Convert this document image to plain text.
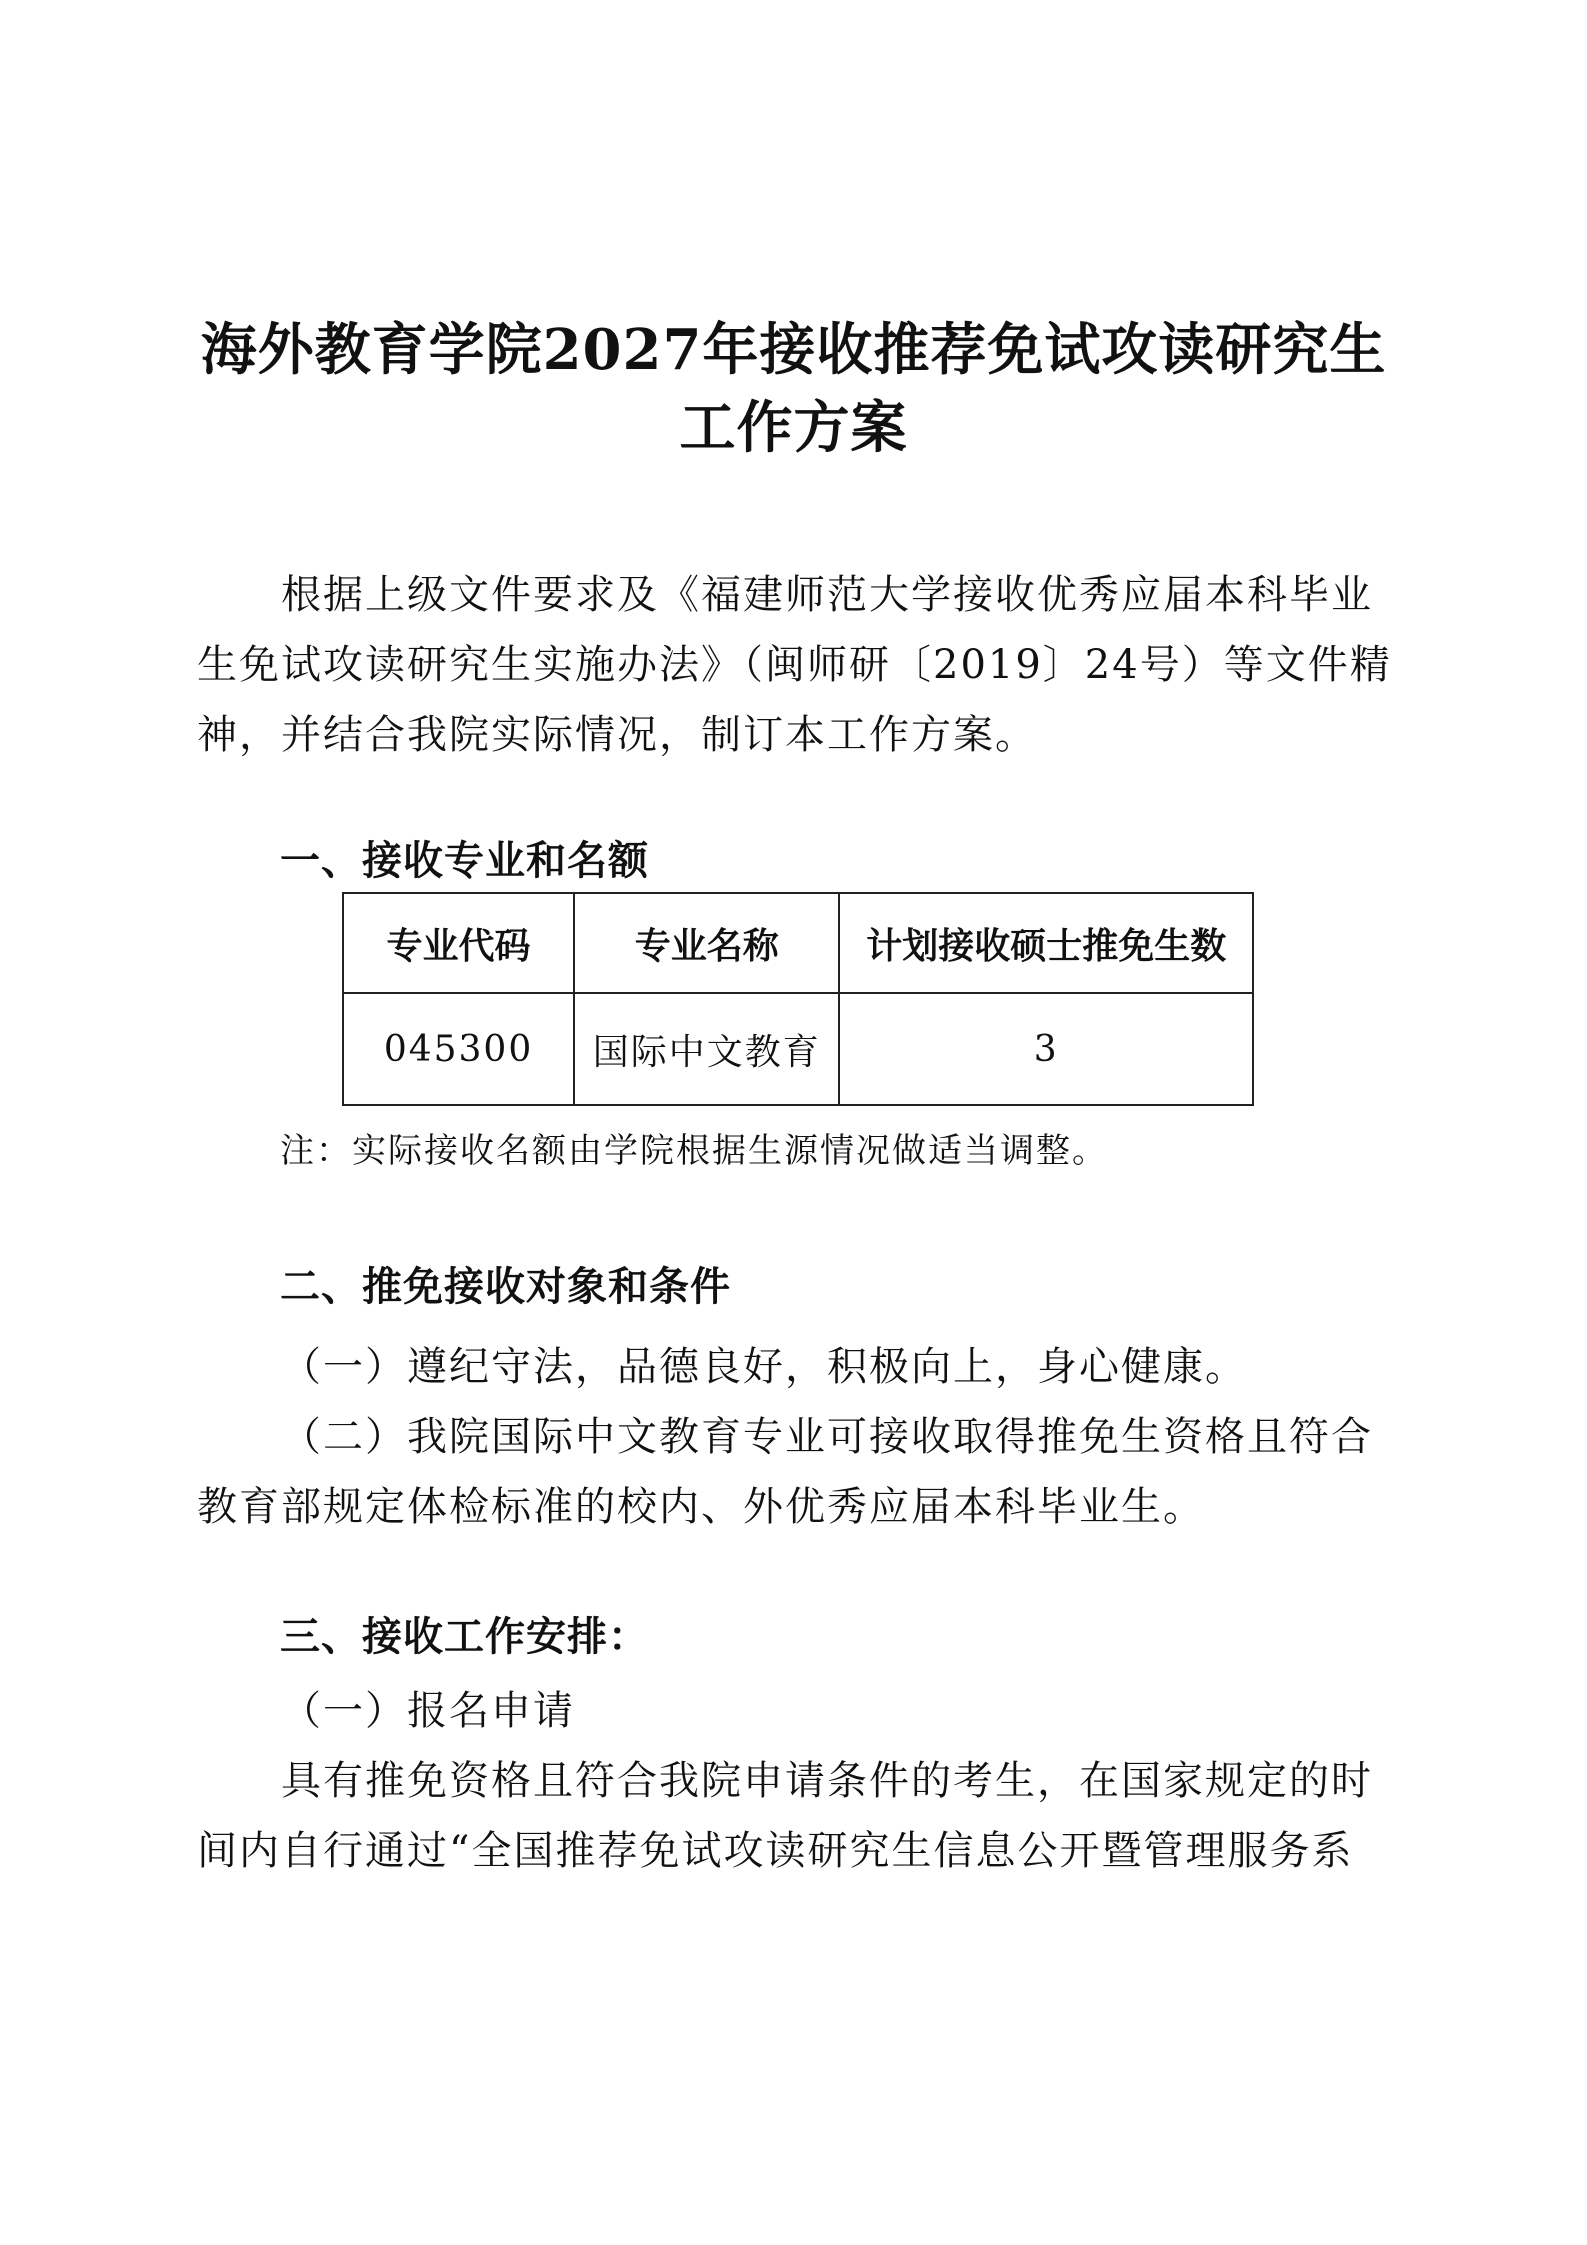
海外教育学院2027年接收推荐免试攻读研究生
工作方案
根据上级文件要求及《福建师范大学接收优秀应届本科毕业
生免试攻读研究生实施办法》（闽师研〔2019〕24号）等文件精
神，并结合我院实际情况，制订本工作方案。
一、接收专业和名额
专业代码	专业名称	计划接收硕士推免生数
045300	国际中文教育	3
注：实际接收名额由学院根据生源情况做适当调整。
二、推免接收对象和条件
（一）遵纪守法，品德良好，积极向上，身心健康。
（二）我院国际中文教育专业可接收取得推免生资格且符合
教育部规定体检标准的校内、外优秀应届本科毕业生。
三、接收工作安排：
（一）报名申请
具有推免资格且符合我院申请条件的考生，在国家规定的时
间内自行通过“全国推荐免试攻读研究生信息公开暨管理服务系
